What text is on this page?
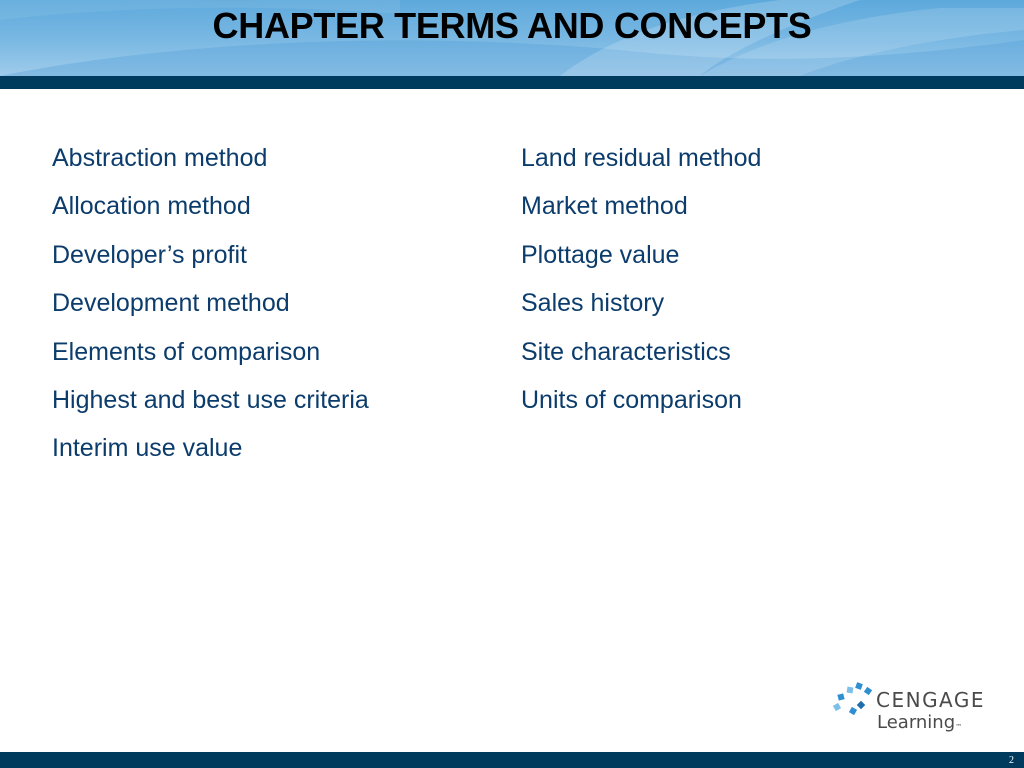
CHAPTER TERMS AND CONCEPTS
Abstraction method
Allocation method
Developer’s profit
Development method
Elements of comparison
Highest and best use criteria
Interim use value
Land residual method
Market method
Plottage value
Sales history
Site characteristics
Units of comparison
CENGAGE
Learning™
2
